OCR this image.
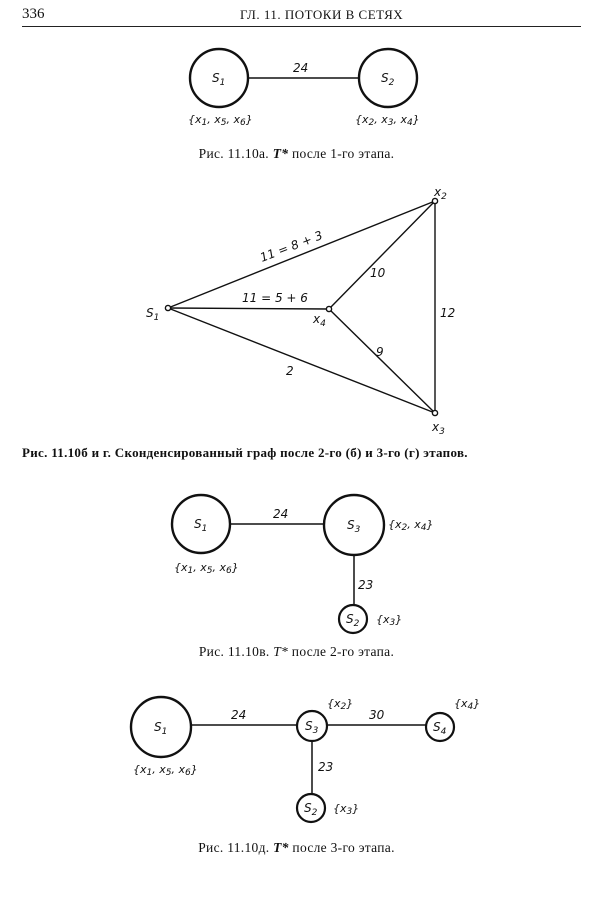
336	ГЛ. 11. ПОТОКИ В СЕТЯХ
$S_1$	$S_2$
24
{x1, x5, x6}	{x2, x3, x4}
$S_1$
$x_2$
$x_4$
$x_3$
11 = 8 + 3
11 = 5 + 6
10
12
9
2
$S_1$	$S_3$
$S_2$
24
23
{x1, x5, x6}
{x2, x4}
{x3}
$S_1$	$S_3$	$S_4$
$S_2$
24	30
23
{x1, x5, x6}
{x2}	{x4}
{x3}
Рис. 11.10а. T* после 1-го этапа.
Рис. 11.10б и г. Сконденсированный граф после 2-го (б) и 3-го (г) этапов.
Рис. 11.10в. T* после 2-го этапа.
Рис. 11.10д. T* после 3-го этапа.
